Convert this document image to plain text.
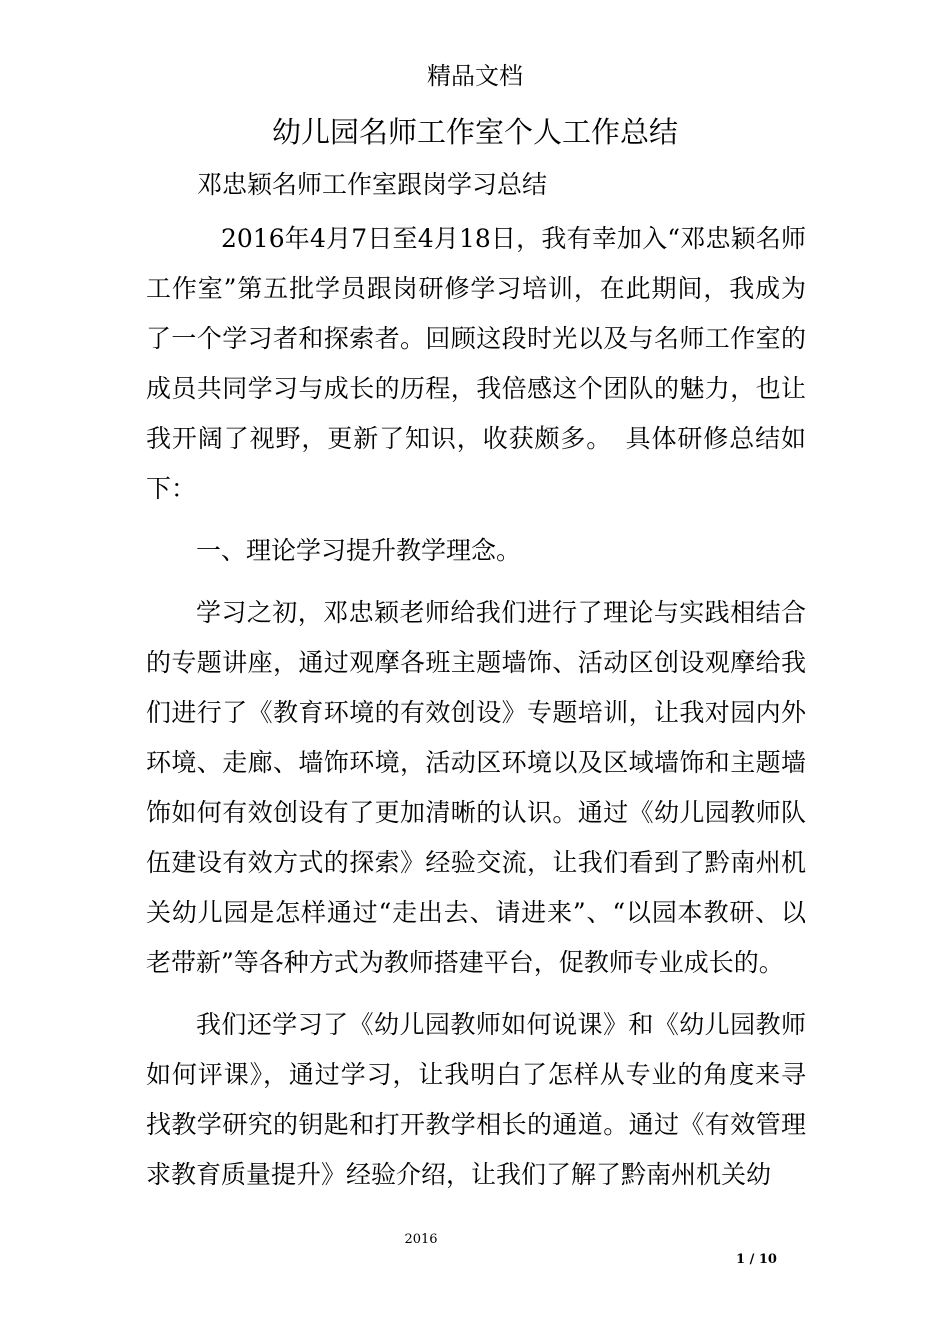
精品文档
幼儿园名师工作室个人工作总结
邓忠颖名师工作室跟岗学习总结

2016年4月7日至4月18日，我有幸加入“邓忠颖名师工作室”第五批学员跟岗研修学习培训，在此期间，我成为了一个学习者和探索者。回顾这段时光以及与名师工作室的成员共同学习与成长的历程，我倍感这个团队的魅力，也让我开阔了视野，更新了知识，收获颇多。　具体研修总结如下：

一、理论学习提升教学理念。

学习之初，邓忠颖老师给我们进行了理论与实践相结合的专题讲座，通过观摩各班主题墙饰、活动区创设观摩给我们进行了《教育环境的有效创设》专题培训，让我对园内外环境、走廊、墙饰环境，活动区环境以及区域墙饰和主题墙饰如何有效创设有了更加清晰的认识。通过《幼儿园教师队伍建设有效方式的探索》经验交流，让我们看到了黔南州机关幼儿园是怎样通过“走出去、请进来”、“以园本教研、以老带新”等各种方式为教师搭建平台，促教师专业成长的。

我们还学习了《幼儿园教师如何说课》和《幼儿园教师如何评课》，通过学习，让我明白了怎样从专业的角度来寻找教学研究的钥匙和打开教学相长的通道。通过《有效管理求教育质量提升》经验介绍，让我们了解了黔南州机关幼

2016
1 / 10
